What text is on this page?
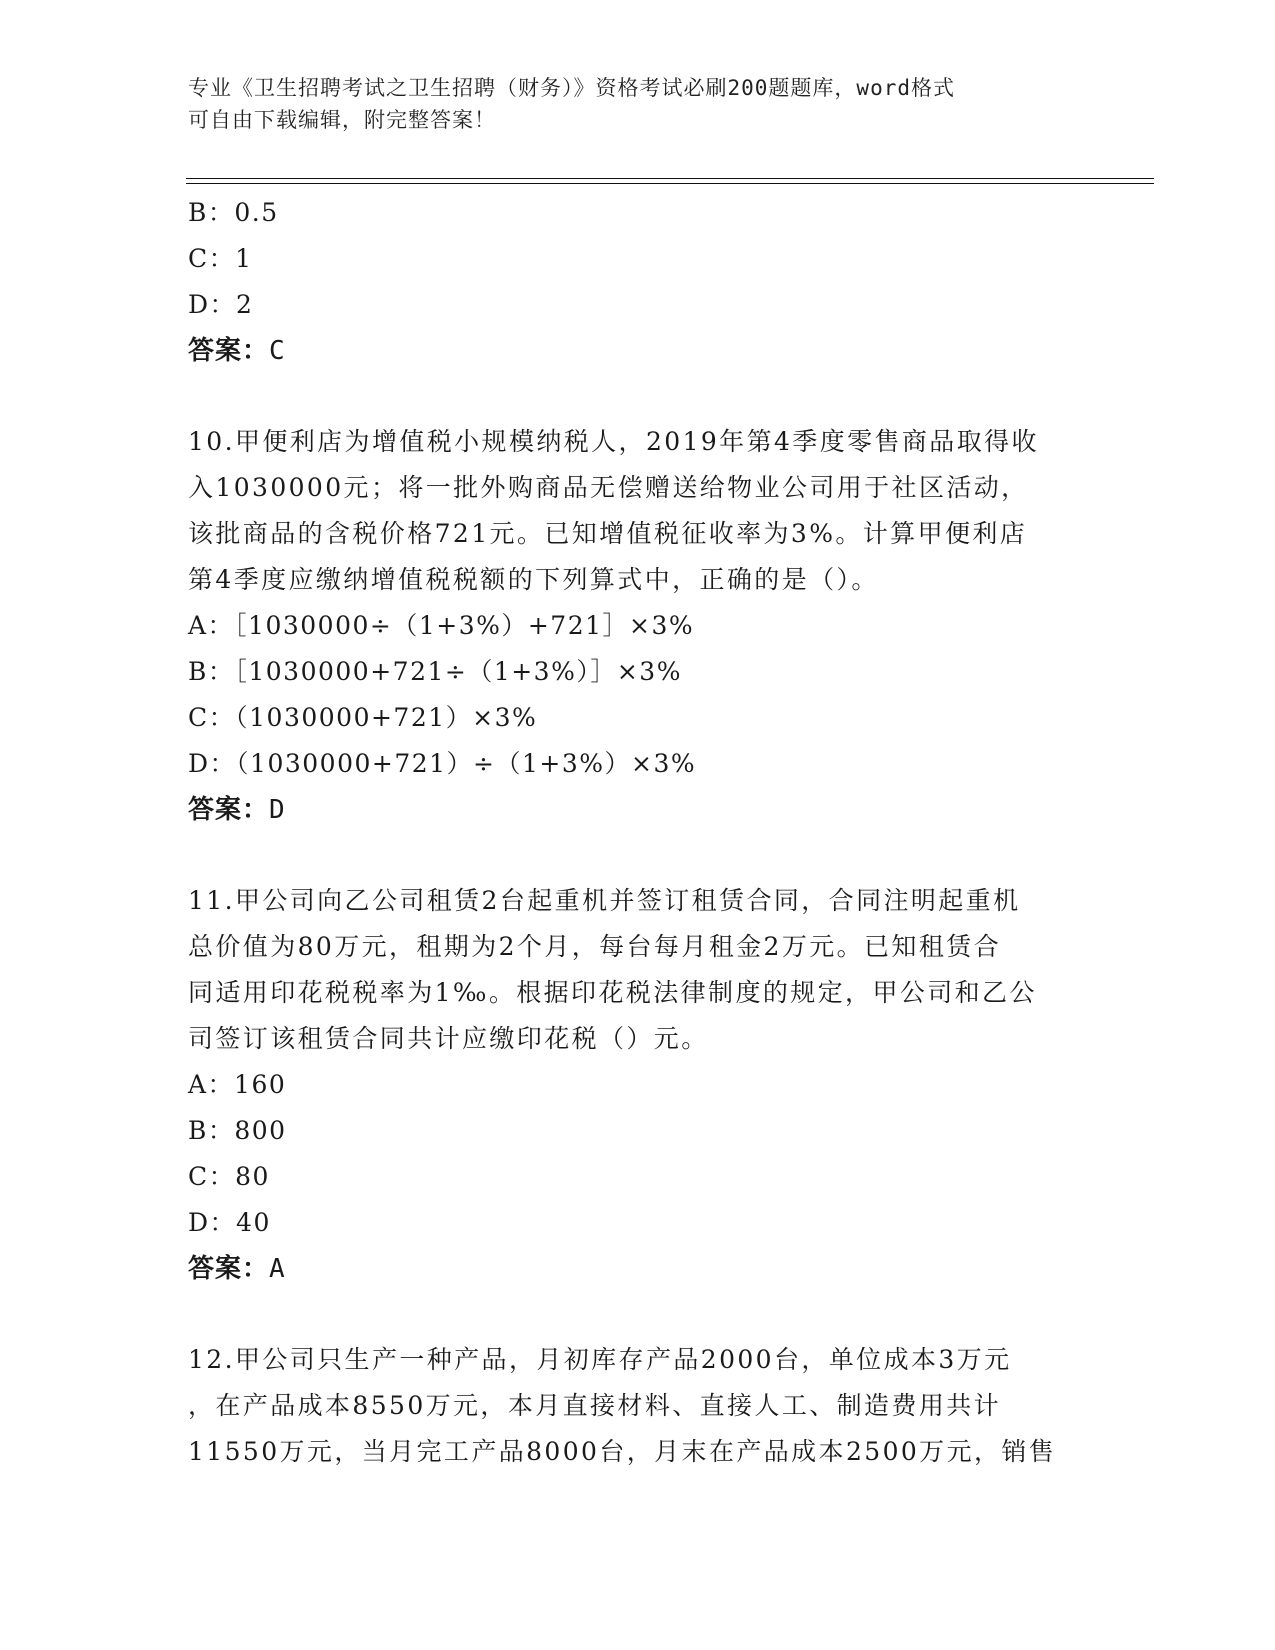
专业《卫生招聘考试之卫生招聘（财务）》资格考试必刷200题题库，word格式
可自由下载编辑，附完整答案！
B：0.5
C：1
D：2
答案：C
10.甲便利店为增值税小规模纳税人，2019年第4季度零售商品取得收
入1030000元；将一批外购商品无偿赠送给物业公司用于社区活动，
该批商品的含税价格721元。已知增值税征收率为3%。计算甲便利店
第4季度应缴纳增值税税额的下列算式中，正确的是（）。
A：［1030000÷（1+3%）+721］×3%
B：［1030000+721÷（1+3%）］×3%
C：（1030000+721）×3%
D：（1030000+721）÷（1+3%）×3%
答案：D
11.甲公司向乙公司租赁2台起重机并签订租赁合同，合同注明起重机
总价值为80万元，租期为2个月，每台每月租金2万元。已知租赁合
同适用印花税税率为1‰。根据印花税法律制度的规定，甲公司和乙公
司签订该租赁合同共计应缴印花税（）元。
A：160
B：800
C：80
D：40
答案：A
12.甲公司只生产一种产品，月初库存产品2000台，单位成本3万元
，在产品成本8550万元，本月直接材料、直接人工、制造费用共计
11550万元，当月完工产品8000台，月末在产品成本2500万元，销售
